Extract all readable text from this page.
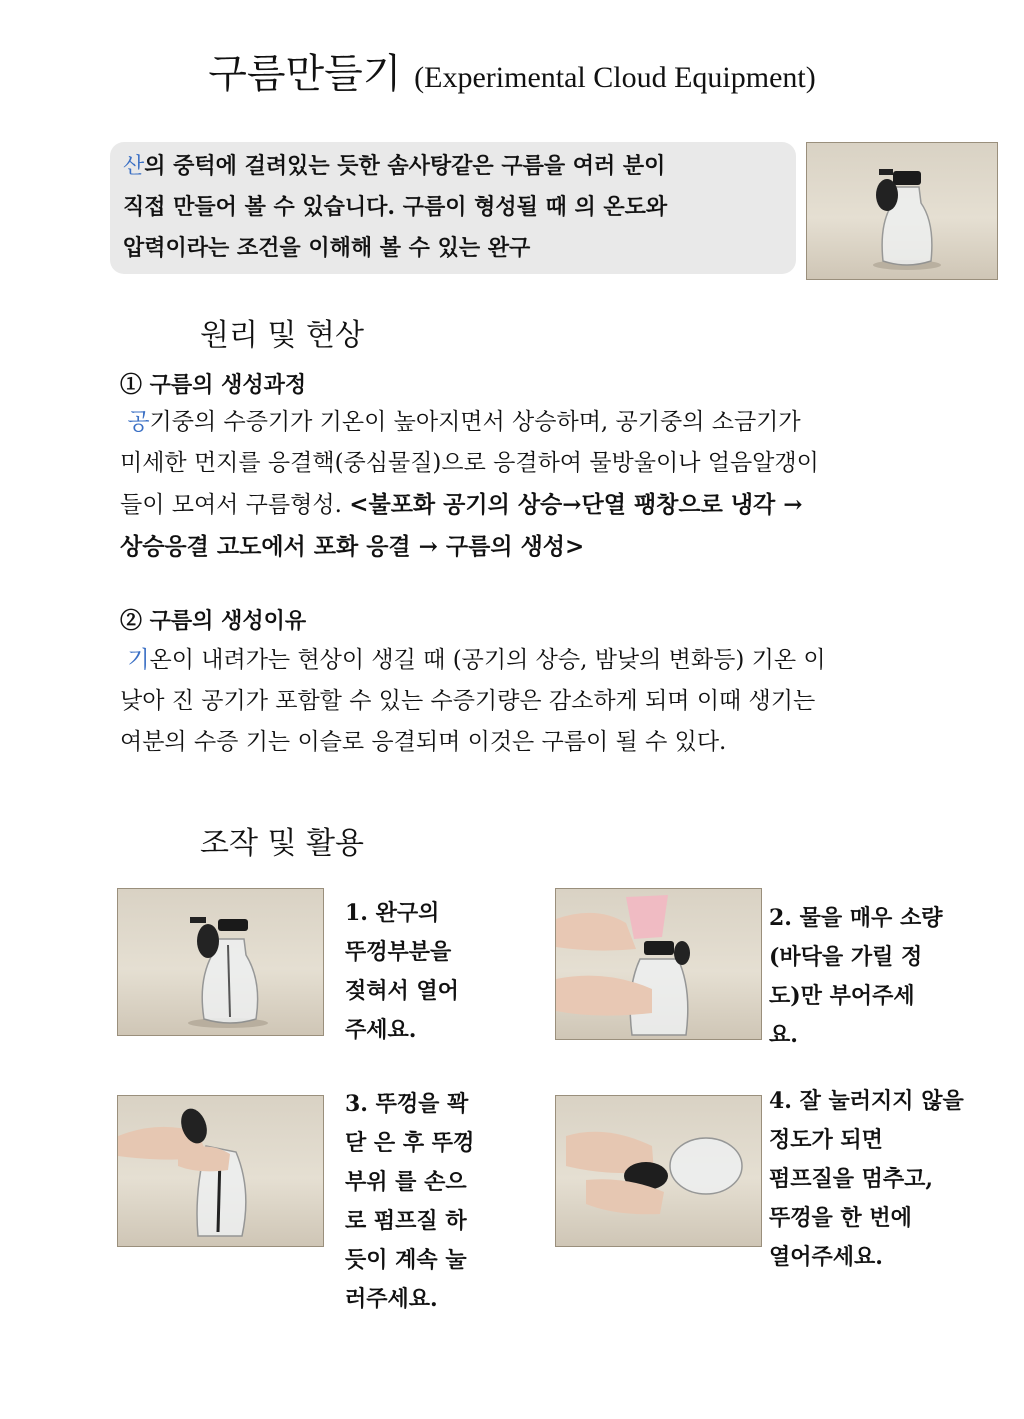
구름만들기 (Experimental Cloud Equipment)
산의 중턱에 걸려있는 듯한 솜사탕같은 구름을 여러 분이
직접 만들어 볼 수 있습니다. 구름이 형성될 때 의 온도와
압력이라는 조건을 이해해 볼 수 있는 완구
원리 및 현상
① 구름의 생성과정
공기중의 수증기가 기온이 높아지면서 상승하며, 공기중의 소금기가
미세한 먼지를 응결핵(중심물질)으로 응결하여 물방울이나 얼음알갱이
들이 모여서 구름형성. <불포화 공기의 상승→단열 팽창으로 냉각 →
상승응결 고도에서 포화 응결 → 구름의 생성>
② 구름의 생성이유
기온이 내려가는 현상이 생길 때 (공기의 상승, 밤낮의 변화등) 기온 이
낮아 진 공기가 포함할 수 있는 수증기량은 감소하게 되며 이때 생기는
여분의 수증 기는 이슬로 응결되며 이것은 구름이 될 수 있다.
조작 및 활용
1. 완구의
뚜껑부분을
젖혀서 열어
주세요.
2. 물을 매우 소량
(바닥을 가릴 정
도)만 부어주세
요.
3. 뚜껑을 꽉
닫 은 후 뚜껑
부위 를 손으
로 펌프질 하
듯이 계속 눌
러주세요.
4. 잘 눌러지지 않을
정도가 되면
펌프질을 멈추고,
뚜껑을 한 번에
열어주세요.
